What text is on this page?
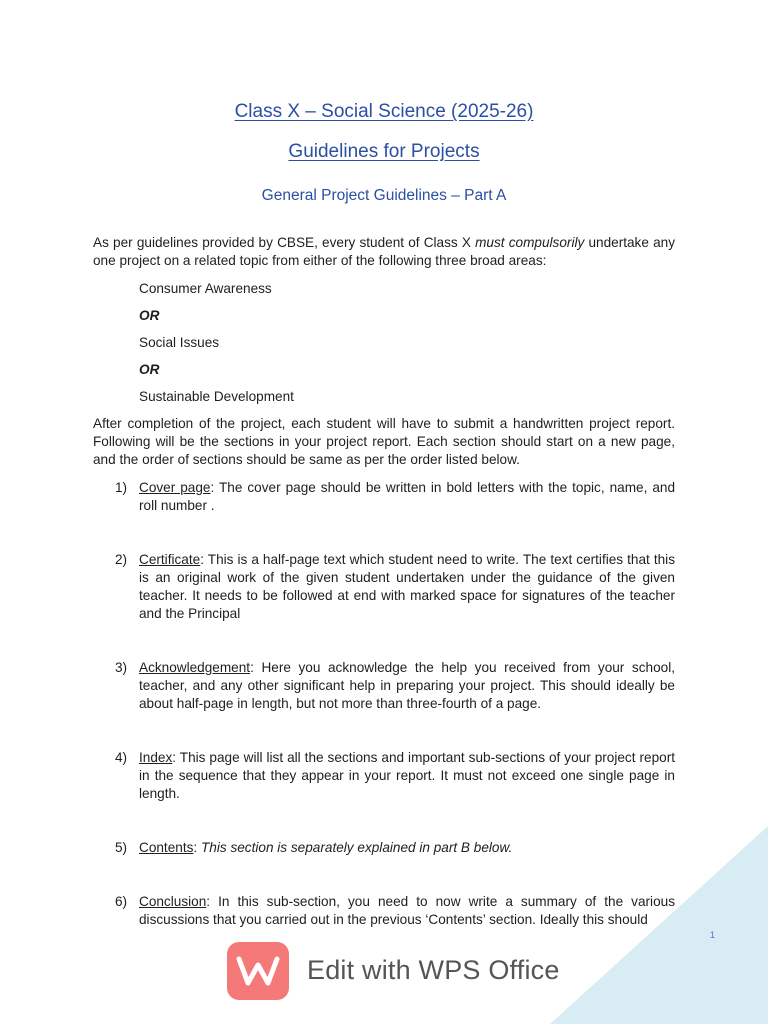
Class X – Social Science (2025-26)
Guidelines for Projects
General Project Guidelines – Part A
As per guidelines provided by CBSE, every student of Class X must compulsorily undertake any one project on a related topic from either of the following three broad areas:
Consumer Awareness
OR
Social Issues
OR
Sustainable Development
After completion of the project, each student will have to submit a handwritten project report. Following will be the sections in your project report. Each section should start on a new page, and the order of sections should be same as per the order listed below.
1) Cover page: The cover page should be written in bold letters with the topic, name, and roll number .
2) Certificate: This is a half-page text which student need to write. The text certifies that this is an original work of the given student undertaken under the guidance of the given teacher. It needs to be followed at end with marked space for signatures of the teacher and the Principal
3) Acknowledgement: Here you acknowledge the help you received from your school, teacher, and any other significant help in preparing your project. This should ideally be about half-page in length, but not more than three-fourth of a page.
4) Index: This page will list all the sections and important sub-sections of your project report in the sequence that they appear in your report. It must not exceed one single page in length.
5) Contents: This section is separately explained in part B below.
6) Conclusion: In this sub-section, you need to now write a summary of the various discussions that you carried out in the previous ‘Contents’ section. Ideally this should
1
Edit with WPS Office
